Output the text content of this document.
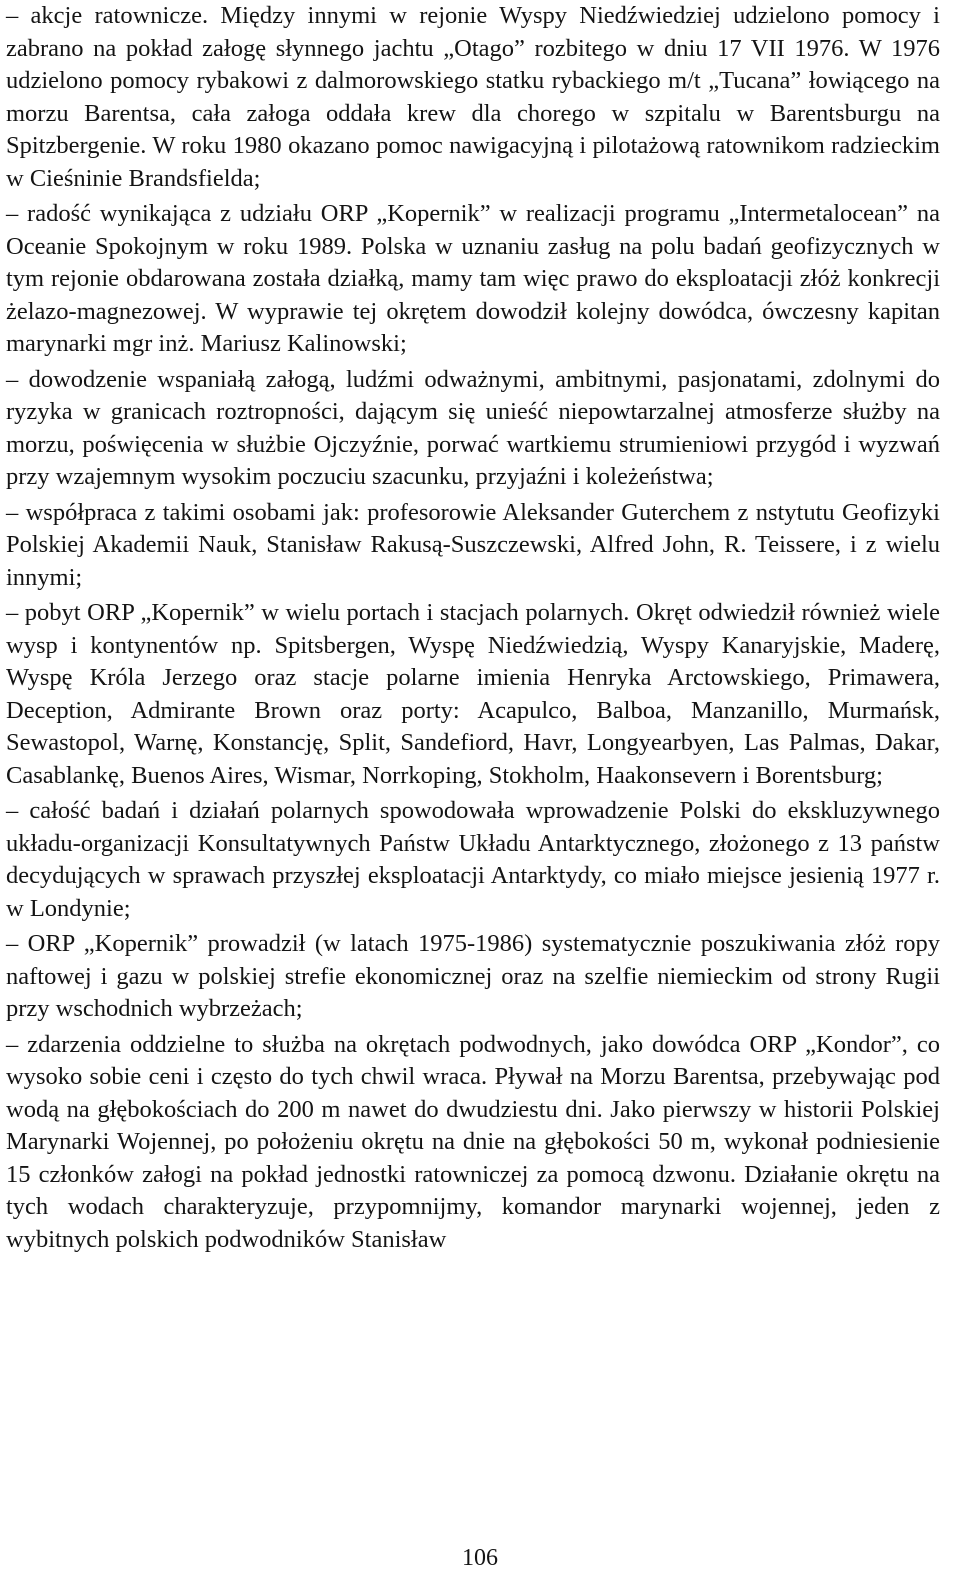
– akcje ratownicze. Między innymi w rejonie Wyspy Niedźwiedziej udzielono pomocy i zabrano na pokład załogę słynnego jachtu „Otago” rozbitego w dniu 17 VII 1976. W 1976 udzielono pomocy rybakowi z dalmorowskiego statku rybackiego m/t „Tucana” łowiącego na morzu Barentsa, cała załoga oddała krew dla chorego w szpitalu w Barentsburgu na Spitzbergenie. W roku 1980 okazano pomoc nawigacyjną i pilotażową ratownikom radzieckim w Cieśninie Brandsfielda;

– radość wynikająca z udziału ORP „Kopernik” w realizacji programu „Intermetalocean” na Oceanie Spokojnym w roku 1989. Polska w uznaniu zasług na polu badań geofizycznych w tym rejonie obdarowana została działką, mamy tam więc prawo do eksploatacji złóż konkrecji żelazo-magnezowej. W wyprawie tej okrętem dowodził kolejny dowódca, ówczesny kapitan marynarki mgr inż. Mariusz Kalinowski;

– dowodzenie wspaniałą załogą, ludźmi odważnymi, ambitnymi, pasjonatami, zdolnymi do ryzyka w granicach roztropności, dającym się unieść niepowtarzalnej atmosferze służby na morzu, poświęcenia w służbie Ojczyźnie, porwać wartkiemu strumieniowi przygód i wyzwań przy wzajemnym wysokim poczuciu szacunku, przyjaźni i koleżeństwa;

– współpraca z takimi osobami jak: profesorowie Aleksander Guterchem z nstytutu Geofizyki Polskiej Akademii Nauk, Stanisław Rakusą-Suszczewski, Alfred John, R. Teissere, i z wielu innymi;

– pobyt ORP „Kopernik” w wielu portach i stacjach polarnych. Okręt odwiedził również wiele wysp i kontynentów np. Spitsbergen, Wyspę Niedźwiedzią, Wyspy Kanaryjskie, Maderę, Wyspę Króla Jerzego oraz stacje polarne imienia Henryka Arctowskiego, Primawera, Deception, Admirante Brown oraz porty: Acapulco, Balboa, Manzanillo, Murmańsk, Sewastopol, Warnę, Konstancję, Split, Sandefiord, Havr, Longyearbyen, Las Palmas, Dakar, Casablankę, Buenos Aires, Wismar, Norrkoping, Stokholm, Haakonsevern i Borentsburg;

– całość badań i działań polarnych spowodowała wprowadzenie Polski do ekskluzywnego układu-organizacji Konsultatywnych Państw Układu Antarktycznego, złożonego z 13 państw decydujących w sprawach przyszłej eksploatacji Antarktydy, co miało miejsce jesienią 1977 r. w Londynie;

– ORP „Kopernik” prowadził (w latach 1975-1986) systematycznie poszukiwania złóż ropy naftowej i gazu w polskiej strefie ekonomicznej oraz na szelfie niemieckim od strony Rugii przy wschodnich wybrzeżach;

– zdarzenia oddzielne to służba na okrętach podwodnych, jako dowódca ORP „Kondor”, co wysoko sobie ceni i często do tych chwil wraca. Pływał na Morzu Barentsa, przebywając pod wodą na głębokościach do 200 m nawet do dwudziestu dni. Jako pierwszy w historii Polskiej Marynarki Wojennej, po położeniu okrętu na dnie na głębokości 50 m, wykonał podniesienie 15 członków załogi na pokład jednostki ratowniczej za pomocą dzwonu. Działanie okrętu na tych wodach charakteryzuje, przypomnijmy, komandor marynarki wojennej, jeden z wybitnych polskich podwodników Stanisław

106
